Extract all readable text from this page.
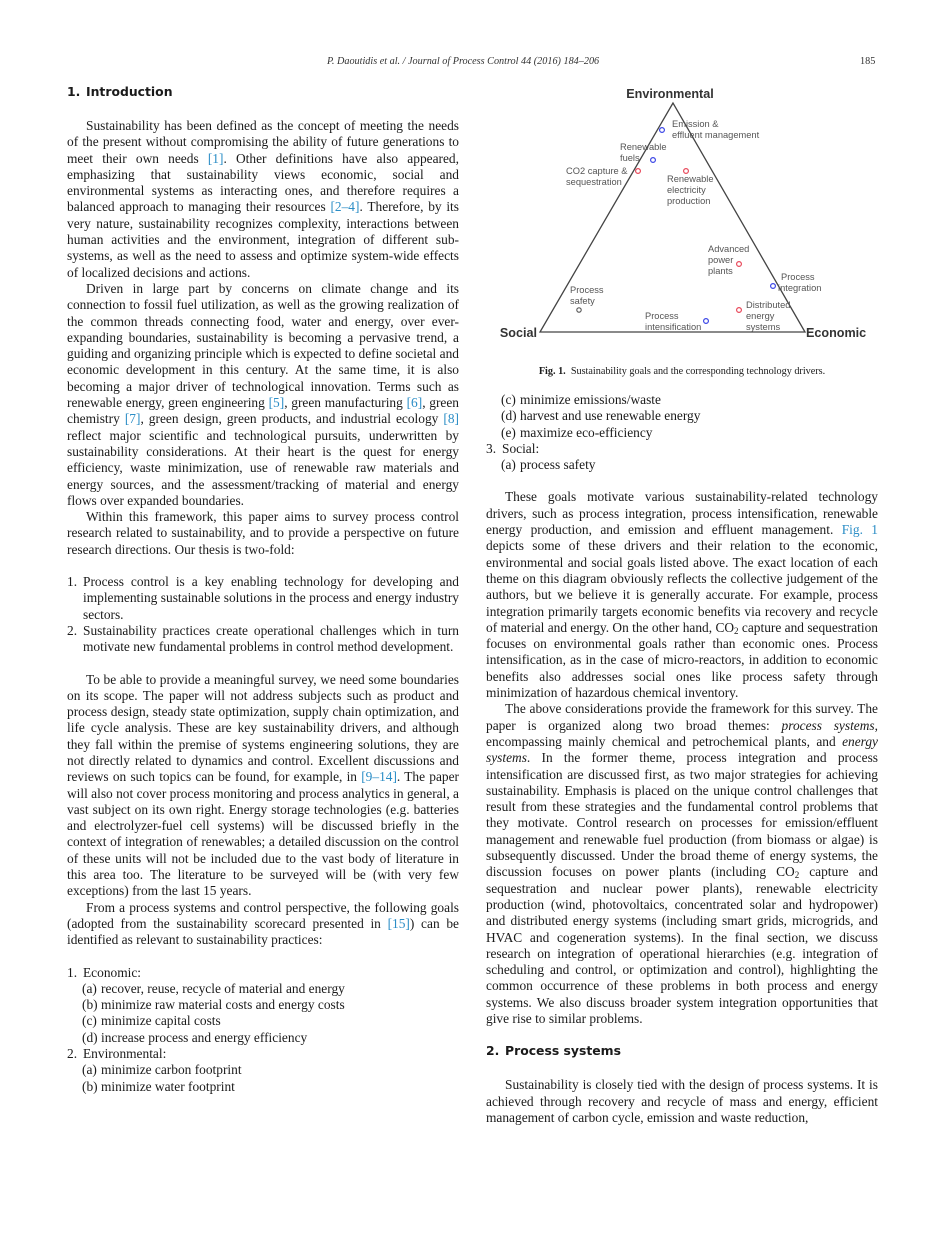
P. Daoutidis et al. / Journal of Process Control 44 (2016) 184–206	185
1. Introduction

Sustainability has been defined as the concept of meeting the needs of the present without compromising the ability of future generations to meet their own needs [1]. Other definitions have also appeared, emphasizing that sustainability views economic, social and environmental systems as interacting ones, and therefore requires a balanced approach to managing their resources [2–4]. Therefore, by its very nature, sustainability recognizes complexity, interactions between human activities and the environment, integration of different sub-systems, as well as the need to assess and optimize system-wide effects of localized decisions and actions.

Driven in large part by concerns on climate change and its connection to fossil fuel utilization, as well as the growing realization of the common threads connecting food, water and energy, over ever-expanding boundaries, sustainability is becoming a pervasive trend, a guiding and organizing principle which is expected to define societal and economic development in this century. At the same time, it is also becoming a major driver of technological innovation. Terms such as renewable energy, green engineering [5], green manufacturing [6], green chemistry [7], green design, green products, and industrial ecology [8] reflect major scientific and technological pursuits, underwritten by sustainability considerations. At their heart is the quest for energy efficiency, waste minimization, use of renewable raw materials and energy sources, and the assessment/tracking of material and energy flows over expanded boundaries.

Within this framework, this paper aims to survey process control research related to sustainability, and to provide a perspective on future research directions. Our thesis is two-fold:

1. Process control is a key enabling technology for developing and implementing sustainable solutions in the process and energy industry sectors.
2. Sustainability practices create operational challenges which in turn motivate new fundamental problems in control method development.

To be able to provide a meaningful survey, we need some boundaries on its scope. The paper will not address subjects such as product and process design, steady state optimization, supply chain optimization, and life cycle analysis. These are key sustainability drivers, and although they fall within the premise of systems engineering solutions, they are not directly related to dynamics and control. Excellent discussions and reviews on such topics can be found, for example, in [9–14]. The paper will also not cover process monitoring and process analytics in general, a vast subject on its own right. Energy storage technologies (e.g. batteries and electrolyzer-fuel cell systems) will be discussed briefly in the context of integration of renewables; a detailed discussion on the control of these units will not be included due to the vast body of literature in this area too. The literature to be surveyed will be (with very few exceptions) from the last 15 years.

From a process systems and control perspective, the following goals (adopted from the sustainability scorecard presented in [15]) can be identified as relevant to sustainability practices:

1. Economic:
(a) recover, reuse, recycle of material and energy
(b) minimize raw material costs and energy costs
(c) minimize capital costs
(d) increase process and energy efficiency
2. Environmental:
(a) minimize carbon footprint
(b) minimize water footprint
Environmental
Social	Economic
Emission & effluent management
Renewable fuels
CO2 capture & sequestration	Renewable electricity production
Advanced power plants
Process integration
Process safety
Process intensification
Distributed energy systems
Fig. 1. Sustainability goals and the corresponding technology drivers.
(c) minimize emissions/waste
(d) harvest and use renewable energy
(e) maximize eco-efficiency
3. Social:
(a) process safety

These goals motivate various sustainability-related technology drivers, such as process integration, process intensification, renewable energy production, and emission and effluent management. Fig. 1 depicts some of these drivers and their relation to the economic, environmental and social goals listed above. The exact location of each theme on this diagram obviously reflects the collective judgement of the authors, but we believe it is generally accurate. For example, process integration primarily targets economic benefits via recovery and recycle of material and energy. On the other hand, $CO_2$ capture and sequestration focuses on environmental goals rather than economic ones. Process intensification, as in the case of micro-reactors, in addition to economic benefits also addresses social ones like process safety through minimization of hazardous chemical inventory.

The above considerations provide the framework for this survey. The paper is organized along two broad themes: process systems, encompassing mainly chemical and petrochemical plants, and energy systems. In the former theme, process integration and process intensification are discussed first, as two major strategies for achieving sustainability. Emphasis is placed on the unique control challenges that result from these strategies and the fundamental control problems that they motivate. Control research on processes for emission/effluent management and renewable fuel production (from biomass or algae) is subsequently discussed. Under the broad theme of energy systems, the discussion focuses on power plants (including $CO_2$ capture and sequestration and nuclear power plants), renewable electricity production (wind, photovoltaics, concentrated solar and hydropower) and distributed energy systems (including smart grids, microgrids, and HVAC and cogeneration systems). In the final section, we discuss research on integration of operational hierarchies (e.g. integration of scheduling and control, or optimization and control), highlighting the common occurrence of these problems in both process and energy systems. We also discuss broader system integration opportunities that give rise to similar problems.

2. Process systems

Sustainability is closely tied with the design of process systems. It is achieved through recovery and recycle of mass and energy, efficient management of carbon cycle, emission and waste reduction,
